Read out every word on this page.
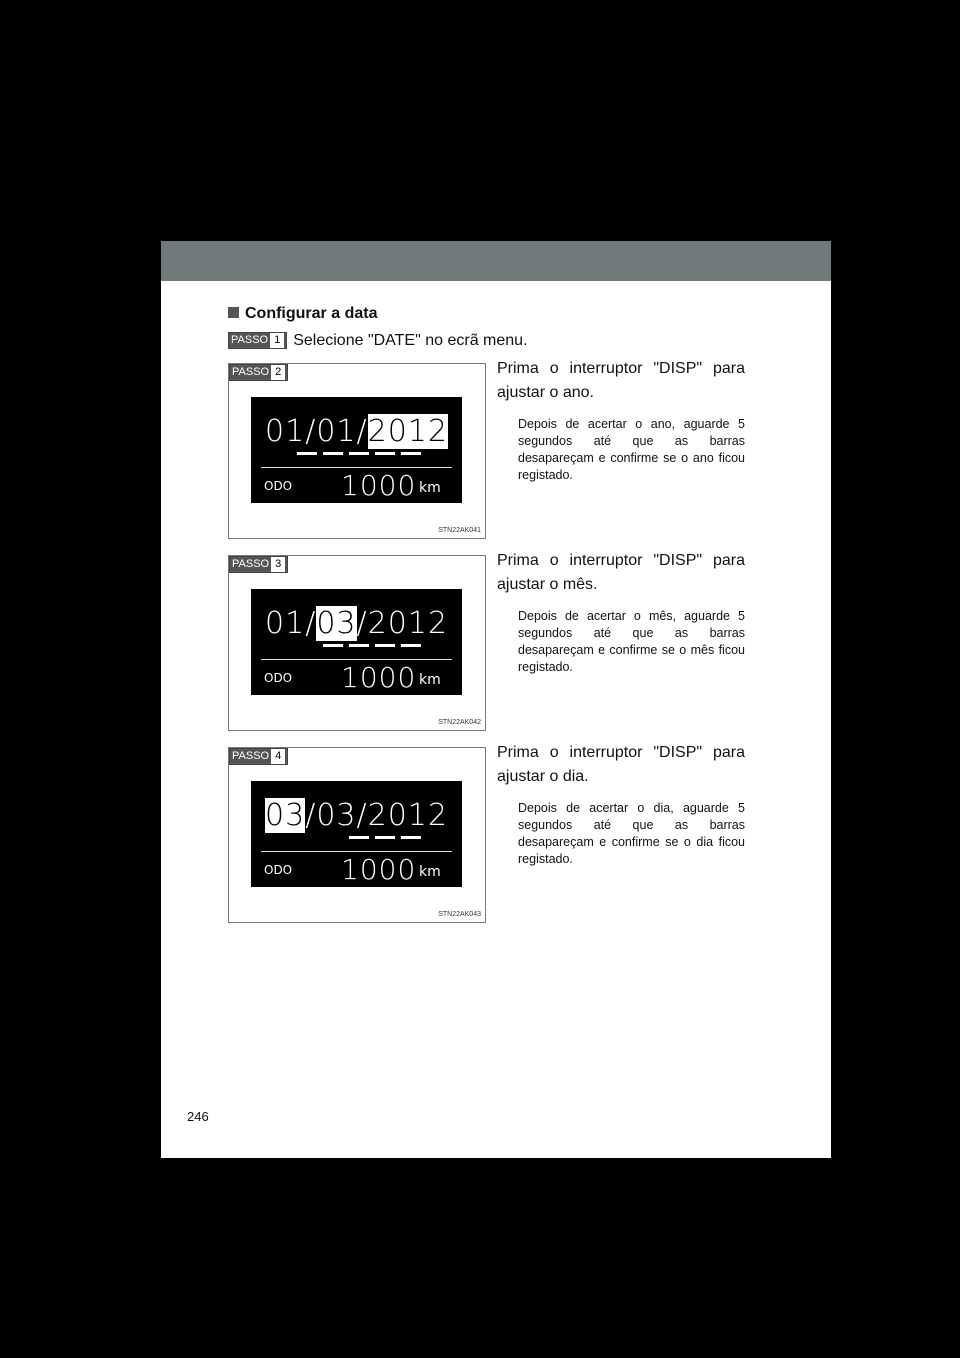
Configurar a data
PASSO 1 Selecione "DATE" no ecrã menu.
PASSO 2
01/01/2012
ODO 1000 km
STN22AK041
Prima o interruptor "DISP" para ajustar o ano.
Depois de acertar o ano, aguarde 5 segundos até que as barras desapareçam e confirme se o ano ficou registado.
PASSO 3
01/03/2012
ODO 1000 km
STN22AK042
Prima o interruptor "DISP" para ajustar o mês.
Depois de acertar o mês, aguarde 5 segundos até que as barras desapareçam e confirme se o mês ficou registado.
PASSO 4
03/03/2012
ODO 1000 km
STN22AK043
Prima o interruptor "DISP" para ajustar o dia.
Depois de acertar o dia, aguarde 5 segundos até que as barras desapareçam e confirme se o dia ficou registado.
246
